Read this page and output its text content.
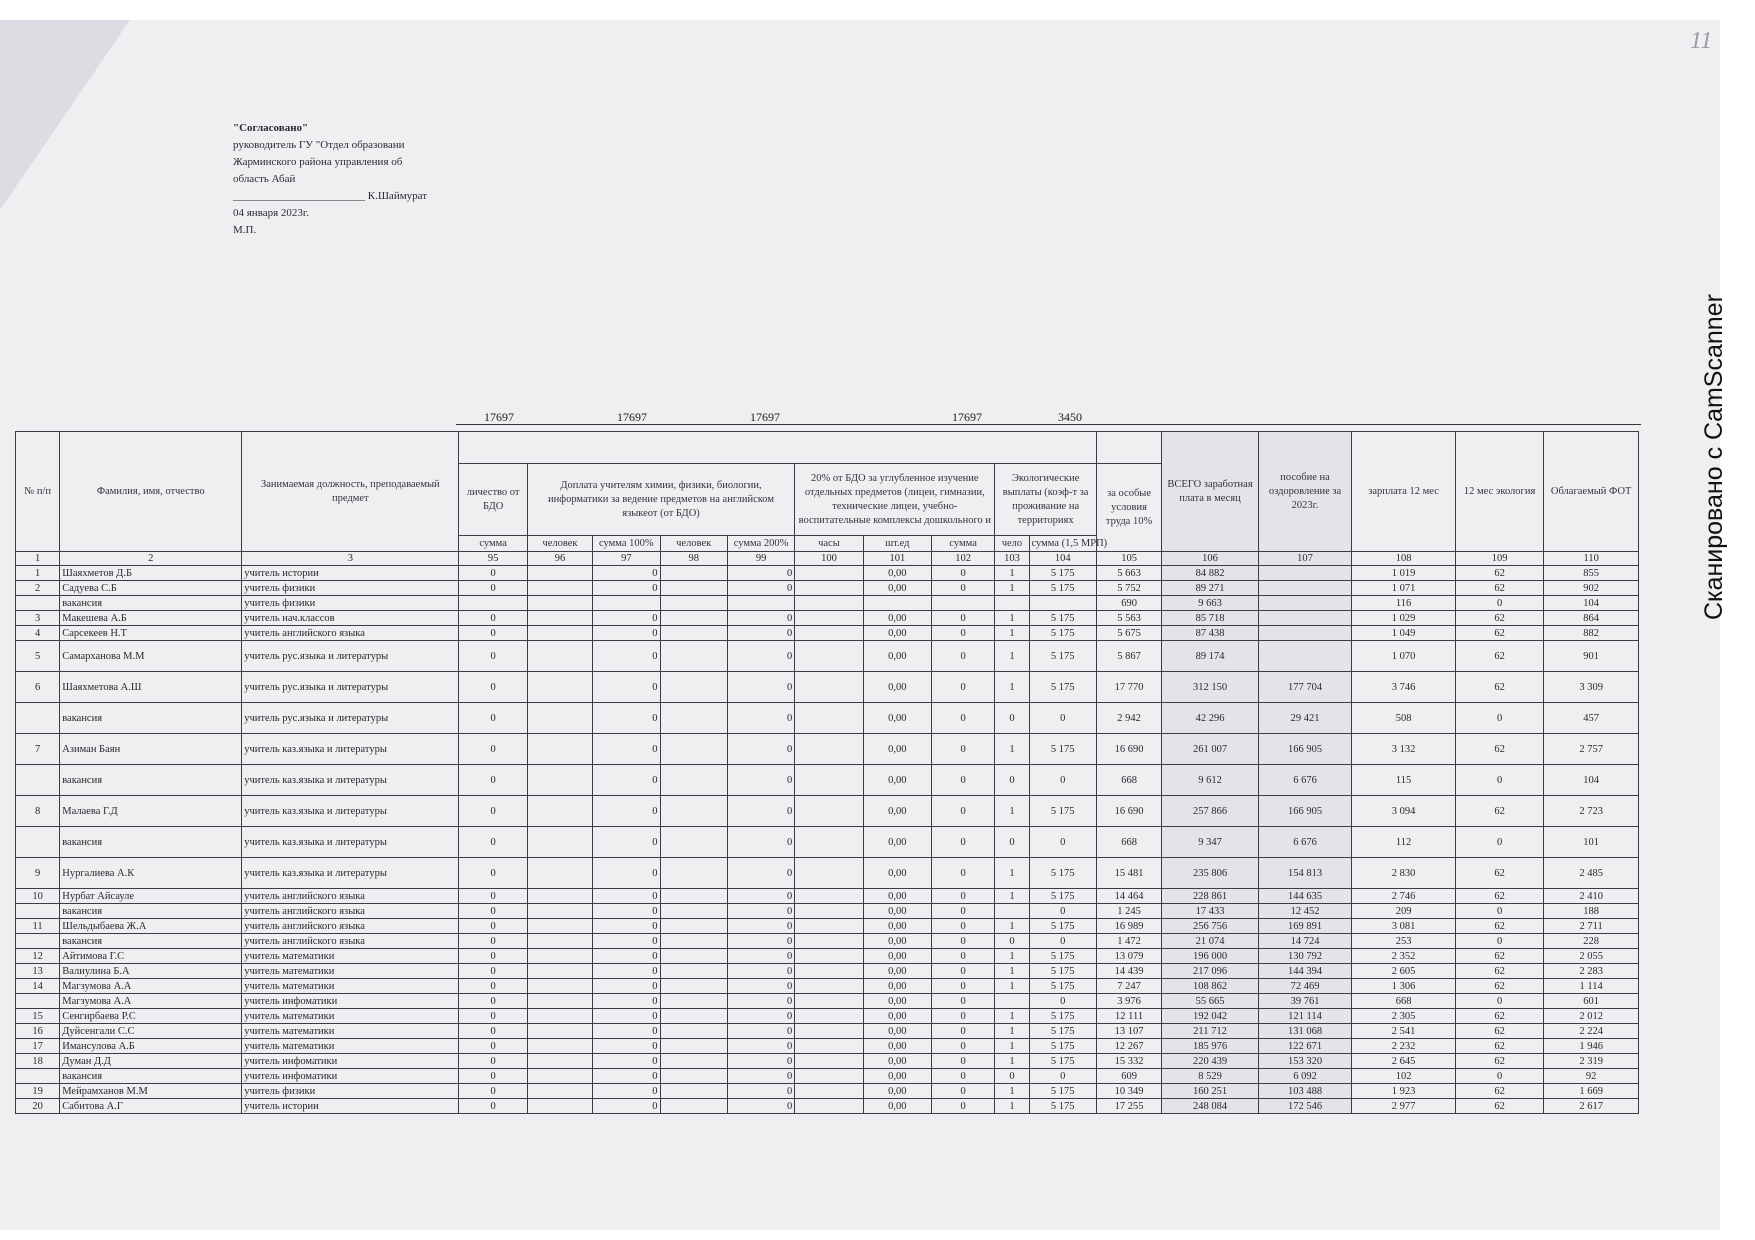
11
Сканировано с CamScanner
"Согласовано"
руководитель ГУ "Отдел образовани
Жарминского района управления об
область Абай
________________________ К.Шаймурат
04 января 2023г.
М.П.
17697	17697	17697	17697	3450
№ п/п	Фамилия, имя, отчество	Занимаемая должность, преподаваемый предмет												ВСЕГО заработная плата в месяц	пособие на оздоровление за 2023г.	зарплата 12 мес	12 мес экология	Облагаемый ФОТ
			личество от БДО	Доплата учителям химии, физики, биологии, информатики за ведение предметов на английском языкеот (от БДО)				20% от БДО за углубленное изучение отдельных предметов (лицеи, гимназии, технические лицеи, учебно-воспитательные комплексы дошкольного и			Экологические выплаты (коэф-т за проживание на территориях		за особые условия труда 10%					
			сумма	человек	сумма 100%	человек	сумма 200%	часы	шт.ед	сумма	чело	сумма (1,5 МРП)						
1	2	3	95	96	97	98	99	100	101	102	103	104	105	106	107	108	109	110
1	Шаяхметов Д.Б	учитель истории	0		0		0		0,00	0	1	5 175	5 663	84 882		1 019	62	855
2	Садуева С.Б	учитель физики	0		0		0		0,00	0	1	5 175	5 752	89 271		1 071	62	902
	вакансия	учитель физики											690	9 663		116	0	104
3	Макешева А.Б	учитель нач.классов	0		0		0		0,00	0	1	5 175	5 563	85 718		1 029	62	864
4	Сарсекеев Н.Т	учитель английского языка	0		0		0		0,00	0	1	5 175	5 675	87 438		1 049	62	882
5	Самарханова М.М	учитель рус.языка и литературы	0		0		0		0,00	0	1	5 175	5 867	89 174		1 070	62	901
6	Шаяхметова А.Ш	учитель рус.языка и литературы	0		0		0		0,00	0	1	5 175	17 770	312 150	177 704	3 746	62	3 309
	вакансия	учитель рус.языка и литературы	0		0		0		0,00	0	0	0	2 942	42 296	29 421	508	0	457
7	Азиман Баян	учитель каз.языка и литературы	0		0		0		0,00	0	1	5 175	16 690	261 007	166 905	3 132	62	2 757
	вакансия	учитель каз.языка и литературы	0		0		0		0,00	0	0	0	668	9 612	6 676	115	0	104
8	Малаева Г.Д	учитель каз.языка и литературы	0		0		0		0,00	0	1	5 175	16 690	257 866	166 905	3 094	62	2 723
	вакансия	учитель каз.языка и литературы	0		0		0		0,00	0	0	0	668	9 347	6 676	112	0	101
9	Нургалиева А.К	учитель каз.языка и литературы	0		0		0		0,00	0	1	5 175	15 481	235 806	154 813	2 830	62	2 485
10	Нурбат Айсауле	учитель английского языка	0		0		0		0,00	0	1	5 175	14 464	228 861	144 635	2 746	62	2 410
	вакансия	учитель английского языка	0		0		0		0,00	0		0	1 245	17 433	12 452	209	0	188
11	Шельдыбаева Ж.А	учитель английского языка	0		0		0		0,00	0	1	5 175	16 989	256 756	169 891	3 081	62	2 711
	вакансия	учитель английского языка	0		0		0		0,00	0	0	0	1 472	21 074	14 724	253	0	228
12	Айтимова Г.С	учитель математики	0		0		0		0,00	0	1	5 175	13 079	196 000	130 792	2 352	62	2 055
13	Валиулина Б.А	учитель математики	0		0		0		0,00	0	1	5 175	14 439	217 096	144 394	2 605	62	2 283
14	Магзумова А.А	учитель математики	0		0		0		0,00	0	1	5 175	7 247	108 862	72 469	1 306	62	1 114
	Магзумова А.А	учитель инфоматики	0		0		0		0,00	0		0	3 976	55 665	39 761	668	0	601
15	Сенгирбаева Р.С	учитель математики	0		0		0		0,00	0	1	5 175	12 111	192 042	121 114	2 305	62	2 012
16	Дуйсенгали С.С	учитель математики	0		0		0		0,00	0	1	5 175	13 107	211 712	131 068	2 541	62	2 224
17	Имансулова А.Б	учитель математики	0		0		0		0,00	0	1	5 175	12 267	185 976	122 671	2 232	62	1 946
18	Думан Д.Д	учитель инфоматики	0		0		0		0,00	0	1	5 175	15 332	220 439	153 320	2 645	62	2 319
	вакансия	учитель инфоматики	0		0		0		0,00	0	0	0	609	8 529	6 092	102	0	92
19	Мейрамханов М.М	учитель физики	0		0		0		0,00	0	1	5 175	10 349	160 251	103 488	1 923	62	1 669
20	Сабитова А.Г	учитель истории	0		0		0		0,00	0	1	5 175	17 255	248 084	172 546	2 977	62	2 617
